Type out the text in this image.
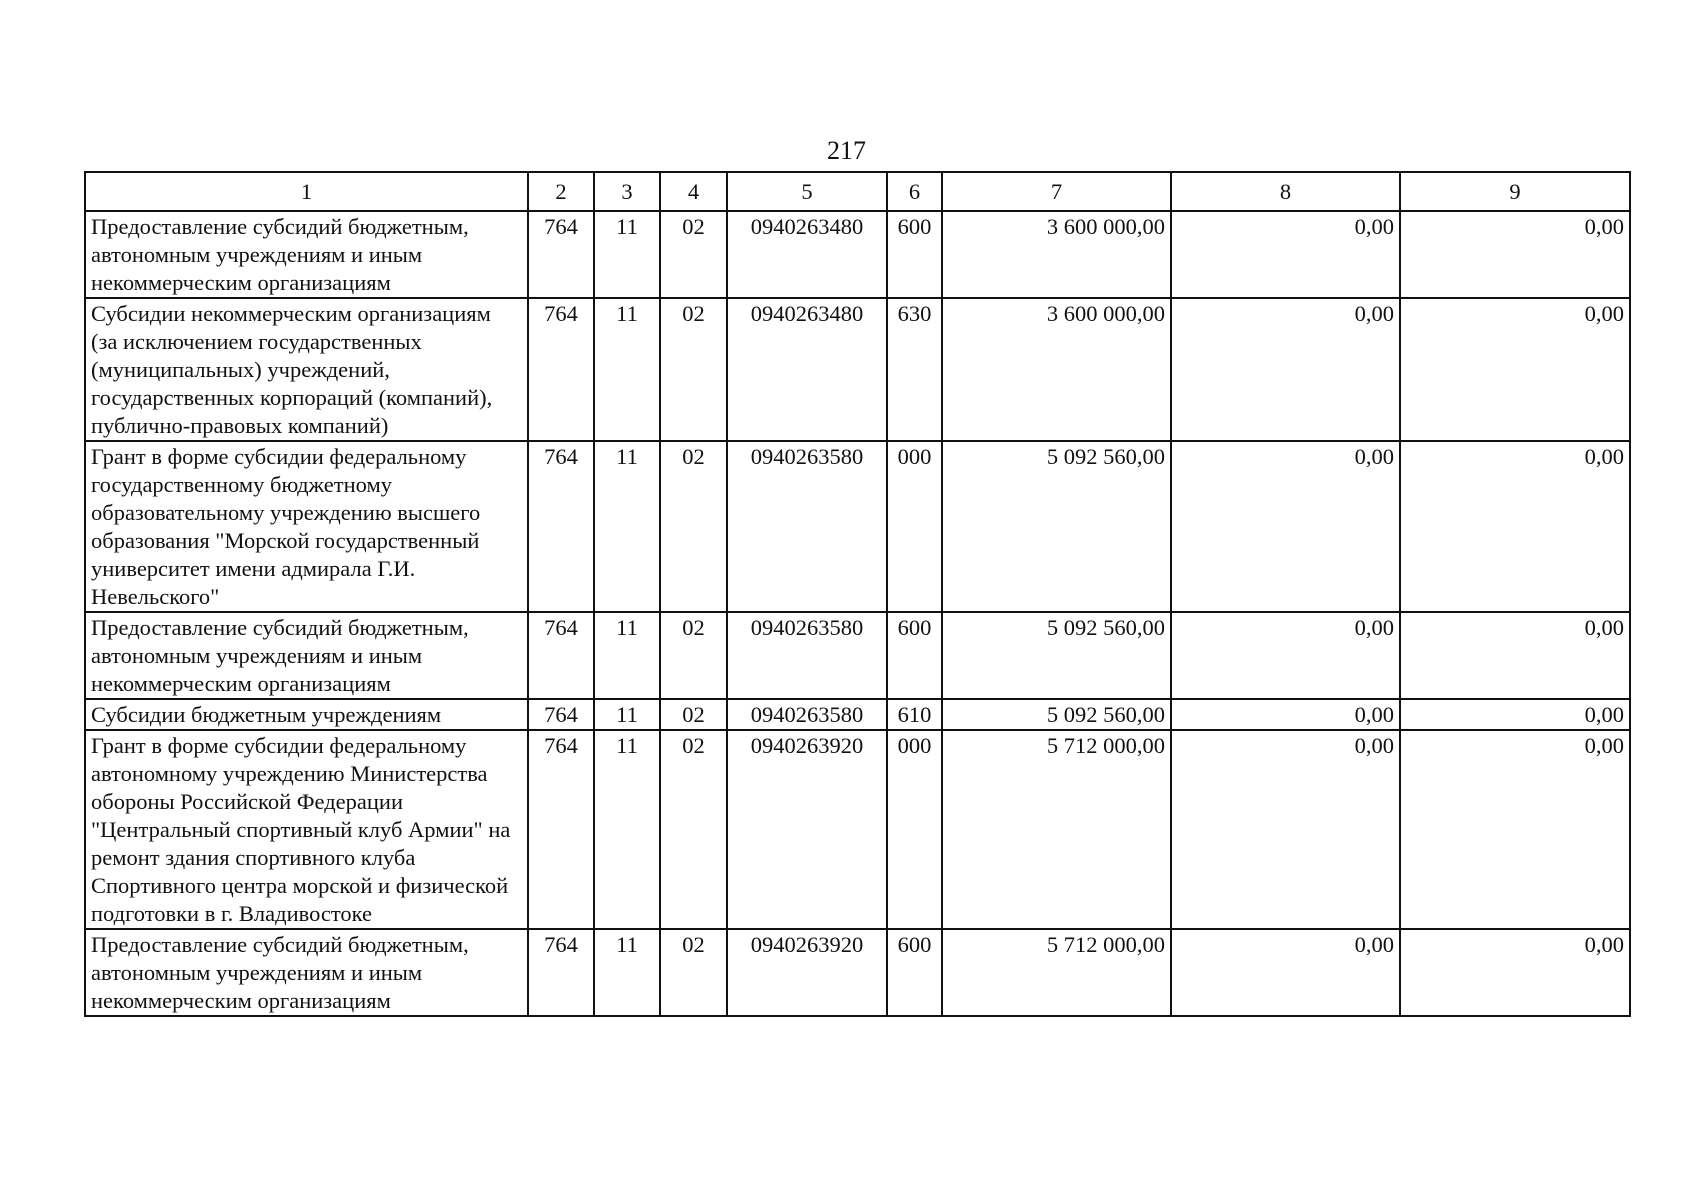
217
1	2	3	4	5	6	7	8	9
Предоставление субсидий бюджетным, автономным учреждениям и иным некоммерческим организациям	764	11	02	0940263480	600	3 600 000,00	0,00	0,00
Субсидии некоммерческим организациям (за исключением государственных (муниципальных) учреждений, государственных корпораций (компаний), публично-правовых компаний)	764	11	02	0940263480	630	3 600 000,00	0,00	0,00
Грант в форме субсидии федеральному государственному бюджетному образовательному учреждению высшего образования "Морской государственный университет имени адмирала Г.И. Невельского"	764	11	02	0940263580	000	5 092 560,00	0,00	0,00
Предоставление субсидий бюджетным, автономным учреждениям и иным некоммерческим организациям	764	11	02	0940263580	600	5 092 560,00	0,00	0,00
Субсидии бюджетным учреждениям	764	11	02	0940263580	610	5 092 560,00	0,00	0,00
Грант в форме субсидии федеральному автономному учреждению Министерства обороны Российской Федерации "Центральный спортивный клуб Армии" на ремонт здания спортивного клуба Спортивного центра морской и физической подготовки в г. Владивостоке	764	11	02	0940263920	000	5 712 000,00	0,00	0,00
Предоставление субсидий бюджетным, автономным учреждениям и иным некоммерческим организациям	764	11	02	0940263920	600	5 712 000,00	0,00	0,00
